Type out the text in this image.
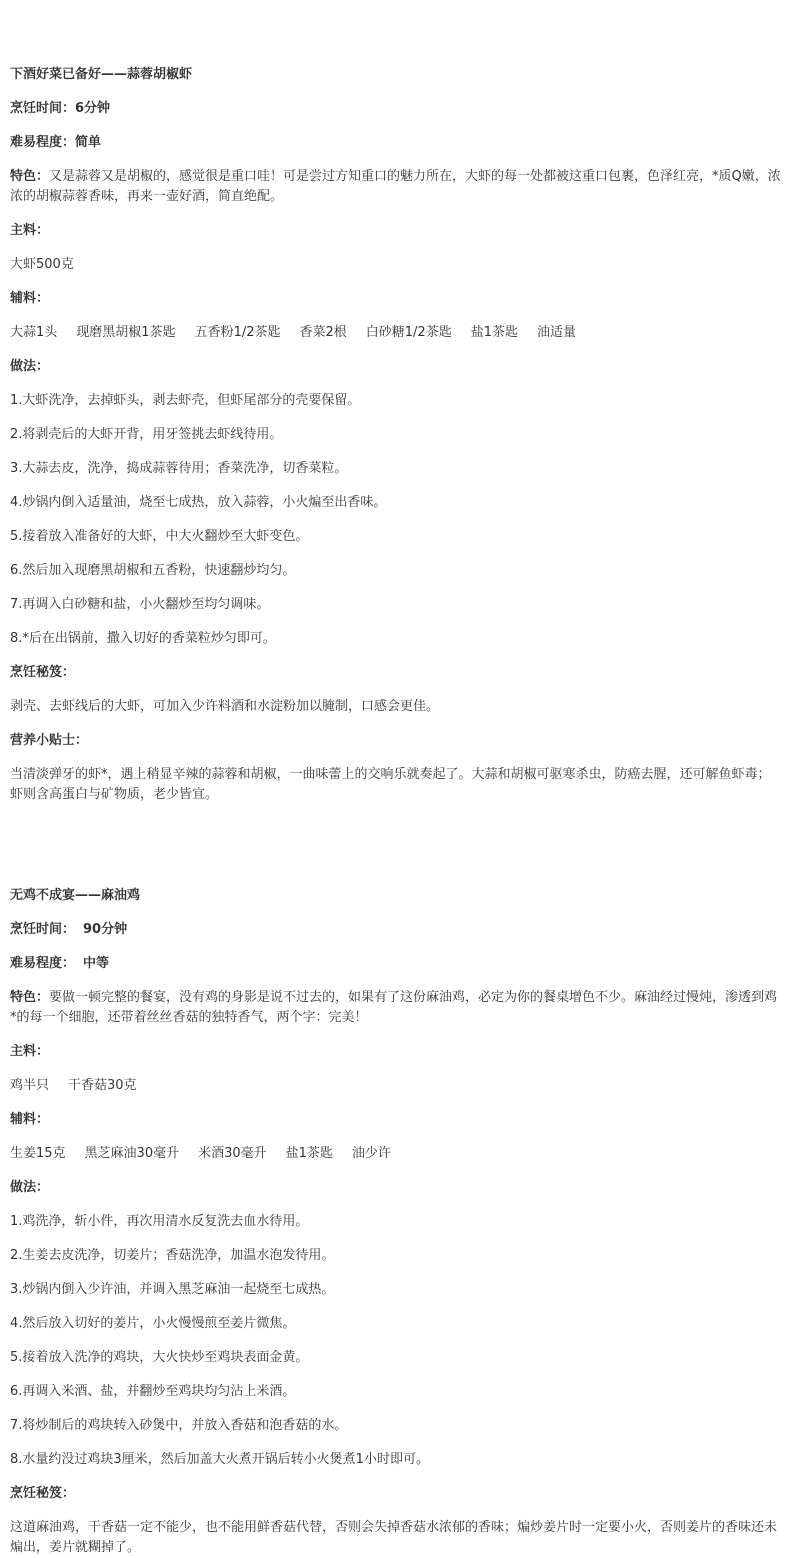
下酒好菜已备好——蒜蓉胡椒虾
烹饪时间：6分钟
难易程度：简单
特色：又是蒜蓉又是胡椒的，感觉很是重口哇！可是尝过方知重口的魅力所在，大虾的每一处都被这重口包裹，色泽红亮，*质Q嫩，浓浓的胡椒蒜蓉香味，再来一壶好酒，简直绝配。
主料：
大虾500克
辅料：
大蒜1头 现磨黑胡椒1茶匙 五香粉1/2茶匙 香菜2根 白砂糖1/2茶匙 盐1茶匙 油适量
做法：
1.大虾洗净，去掉虾头，剥去虾壳，但虾尾部分的壳要保留。
2.将剥壳后的大虾开背，用牙签挑去虾线待用。
3.大蒜去皮，洗净，捣成蒜蓉待用；香菜洗净，切香菜粒。
4.炒锅内倒入适量油，烧至七成热，放入蒜蓉，小火煸至出香味。
5.接着放入准备好的大虾，中大火翻炒至大虾变色。
6.然后加入现磨黑胡椒和五香粉，快速翻炒均匀。
7.再调入白砂糖和盐，小火翻炒至均匀调味。
8.*后在出锅前，撒入切好的香菜粒炒匀即可。
烹饪秘笈：
剥壳、去虾线后的大虾，可加入少许料酒和水淀粉加以腌制，口感会更佳。
营养小贴士：
当清淡弹牙的虾*，遇上稍显辛辣的蒜蓉和胡椒，一曲味蕾上的交响乐就奏起了。大蒜和胡椒可驱寒杀虫，防癌去腥，还可解鱼虾毒；虾则含高蛋白与矿物质，老少皆宜。
无鸡不成宴——麻油鸡
烹饪时间： 90分钟
难易程度： 中等
特色：要做一顿完整的餐宴，没有鸡的身影是说不过去的，如果有了这份麻油鸡，必定为你的餐桌增色不少。麻油经过慢炖，渗透到鸡*的每一个细胞，还带着丝丝香菇的独特香气，两个字：完美！
主料：
鸡半只 干香菇30克
辅料：
生姜15克 黑芝麻油30毫升 米酒30毫升 盐1茶匙 油少许
做法：
1.鸡洗净，斩小件，再次用清水反复洗去血水待用。
2.生姜去皮洗净，切姜片；香菇洗净，加温水泡发待用。
3.炒锅内倒入少许油，并调入黑芝麻油一起烧至七成热。
4.然后放入切好的姜片，小火慢慢煎至姜片微焦。
5.接着放入洗净的鸡块，大火快炒至鸡块表面金黄。
6.再调入米酒、盐，并翻炒至鸡块均匀沾上米酒。
7.将炒制后的鸡块转入砂煲中，并放入香菇和泡香菇的水。
8.水量约没过鸡块3厘米，然后加盖大火煮开锅后转小火煲煮1小时即可。
烹饪秘笈：
这道麻油鸡，干香菇一定不能少，也不能用鲜香菇代替，否则会失掉香菇水浓郁的香味；煸炒姜片时一定要小火，否则姜片的香味还未煸出，姜片就糊掉了。
